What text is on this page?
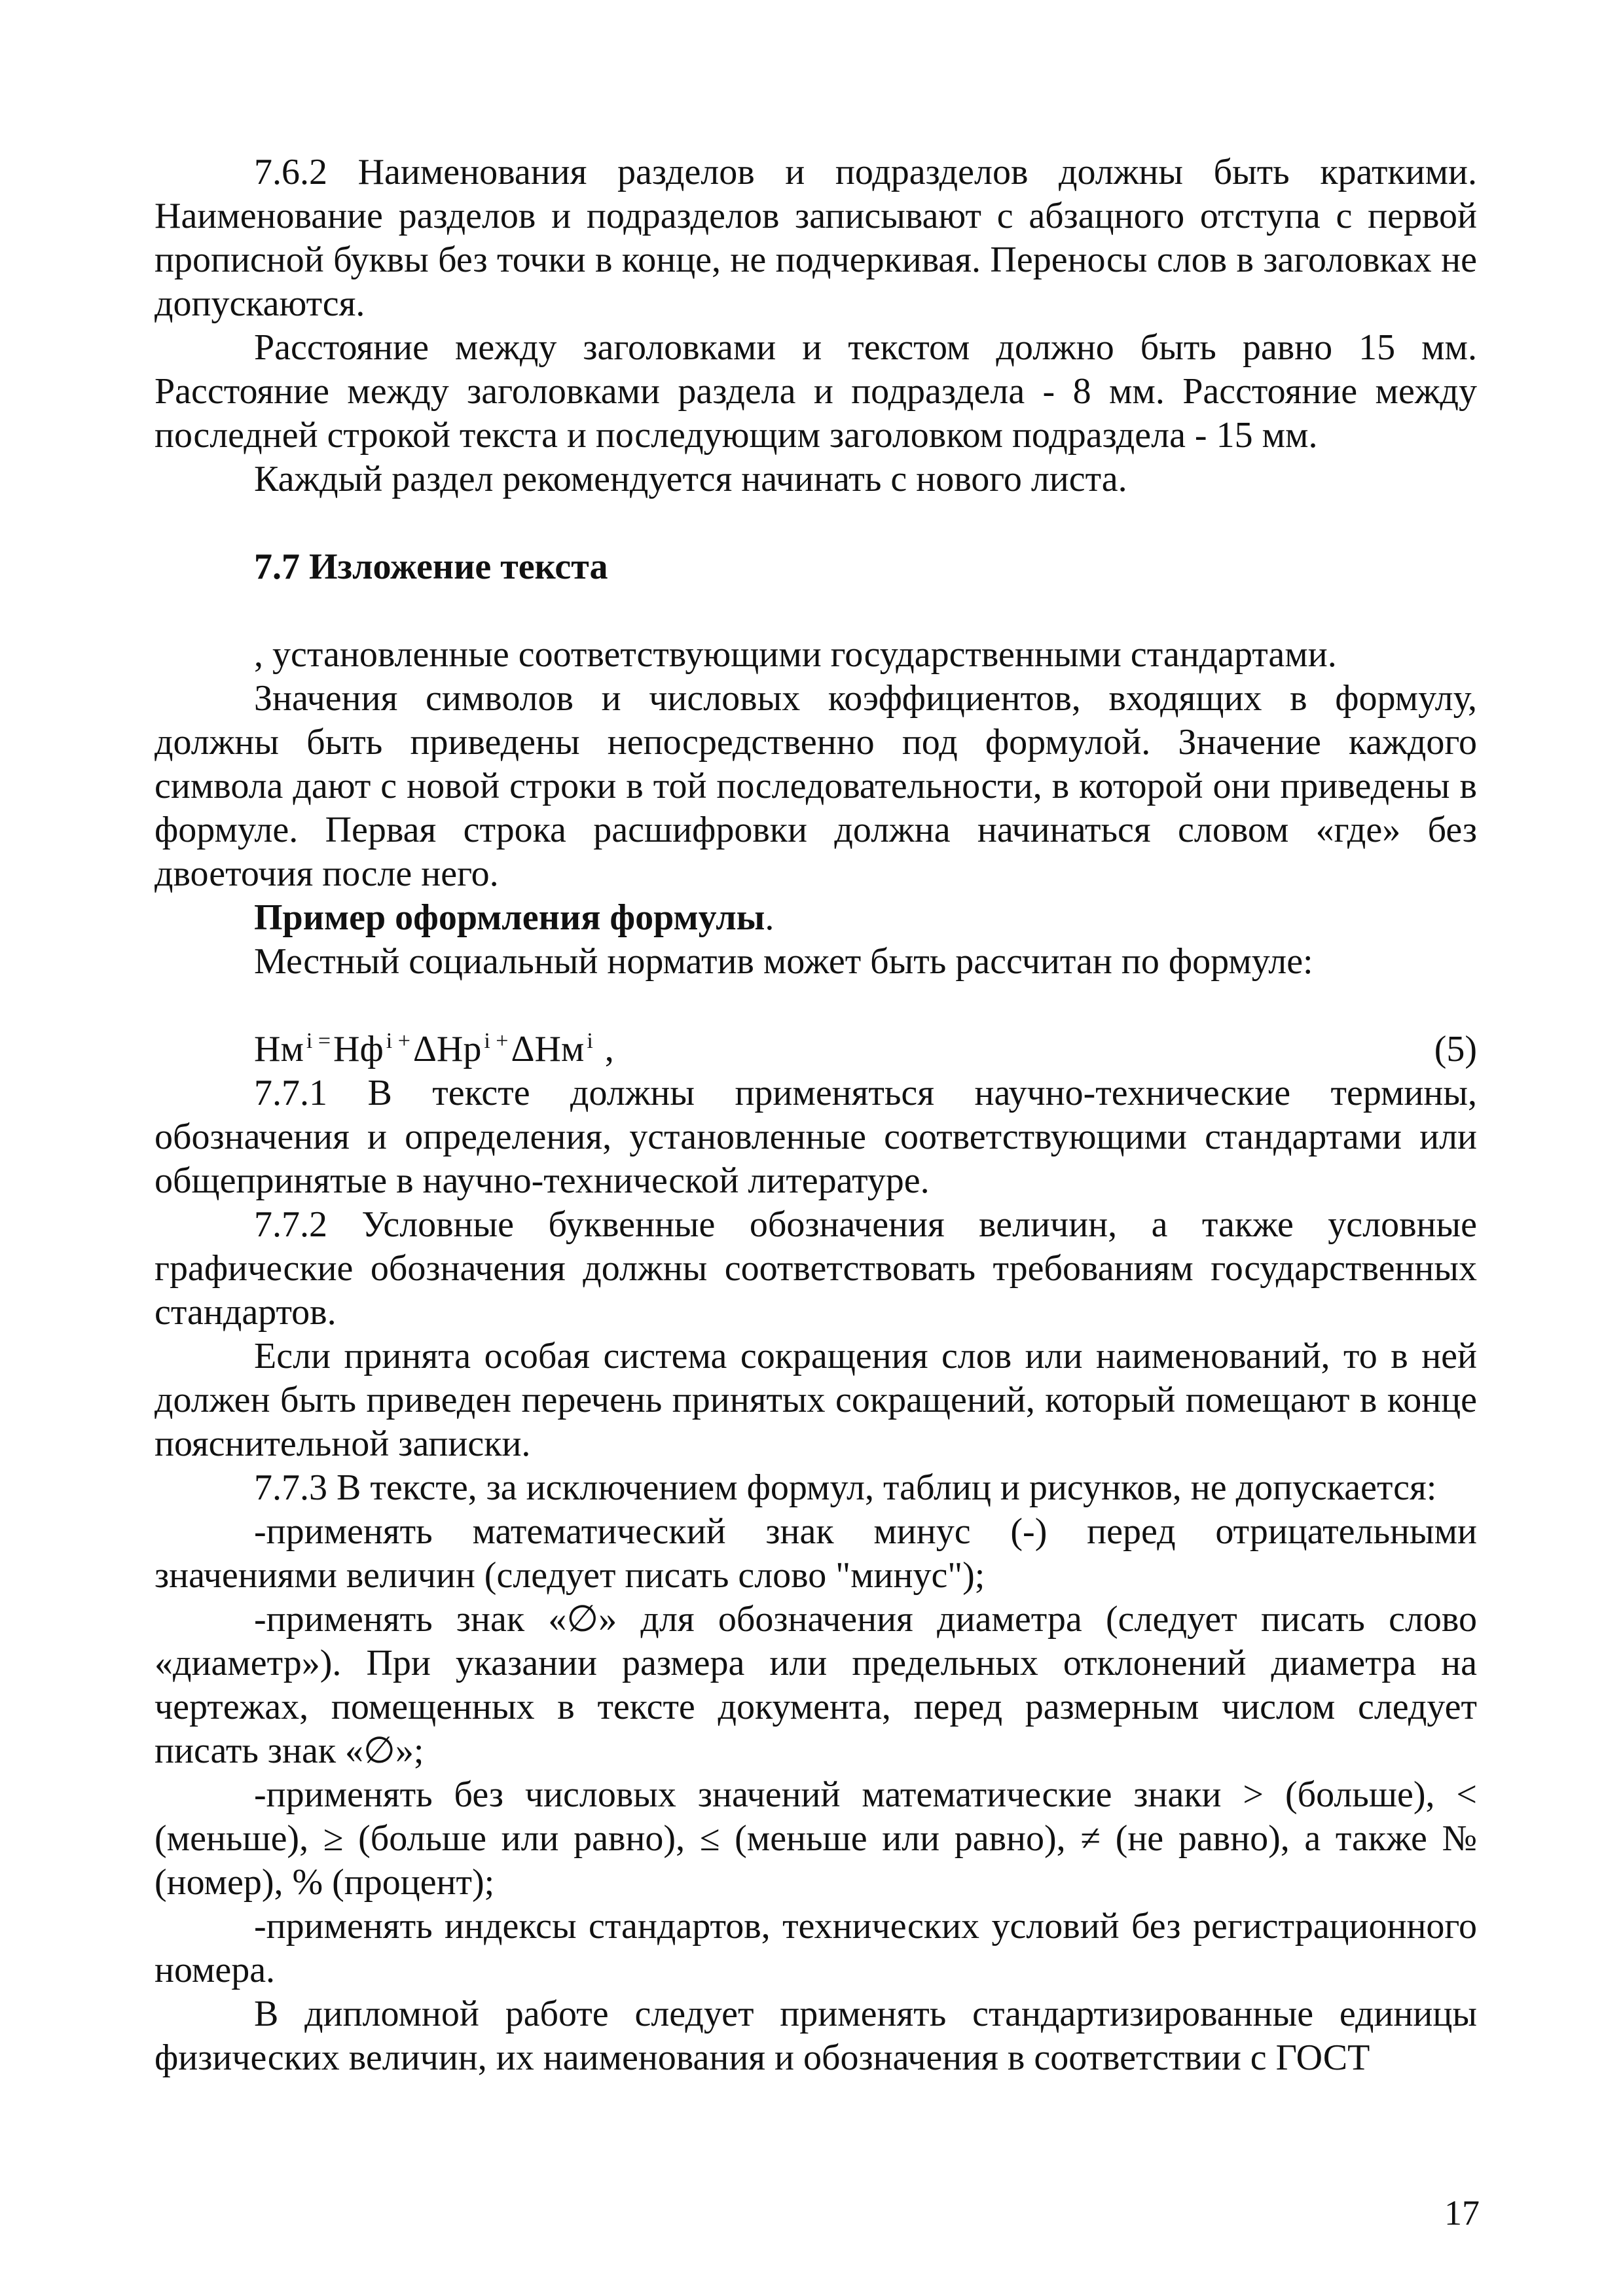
7.6.2 Наименования разделов и подразделов должны быть краткими. Наименование разделов и подразделов записывают с абзацного отступа с первой прописной буквы без точки в конце, не подчеркивая. Переносы слов в заголовках не допускаются.

Расстояние между заголовками и текстом должно быть равно 15 мм. Расстояние между заголовками раздела и подраздела - 8 мм. Расстояние между последней строкой текста и последующим заголовком подраздела - 15 мм.

Каждый раздел рекомендуется начинать с нового листа.

7.7 Изложение текста

, установленные соответствующими государственными стандартами.

Значения символов и числовых коэффициентов, входящих в формулу, должны быть приведены непосредственно под формулой. Значение каждого символа дают с новой строки в той последовательности, в которой они приведены в формуле. Первая строка расшифровки должна начинаться словом «где» без двоеточия после него.

Пример оформления формулы.

Местный социальный норматив может быть рассчитан по формуле:

Нм $^{i =}$Нф $^{i +}$ΔНр $^{i +}$ΔНм $^i$ ,	(5)

7.7.1 В тексте должны применяться научно-технические термины, обозначения и определения, установленные соответствующими стандартами или общепринятые в научно-технической литературе.

7.7.2 Условные буквенные обозначения величин, а также условные графические обозначения должны соответствовать требованиям государственных стандартов.

Если принята особая система сокращения слов или наименований, то в ней должен быть приведен перечень принятых сокращений, который помещают в конце пояснительной записки.

7.7.3 В тексте, за исключением формул, таблиц и рисунков, не допускается:

-применять математический знак минус (-) перед отрицательными значениями величин (следует писать слово "минус");

-применять знак «∅» для обозначения диаметра (следует писать слово «диаметр»). При указании размера или предельных отклонений диаметра на чертежах, помещенных в тексте документа, перед размерным числом следует писать знак «∅»;

-применять без числовых значений математические знаки > (больше), < (меньше), ≥ (больше или равно), ≤ (меньше или равно), ≠ (не равно), а также № (номер), % (процент);

-применять индексы стандартов, технических условий без регистрационного номера.

В дипломной работе следует применять стандартизированные единицы физических величин, их наименования и обозначения в соответствии с ГОСТ

17
